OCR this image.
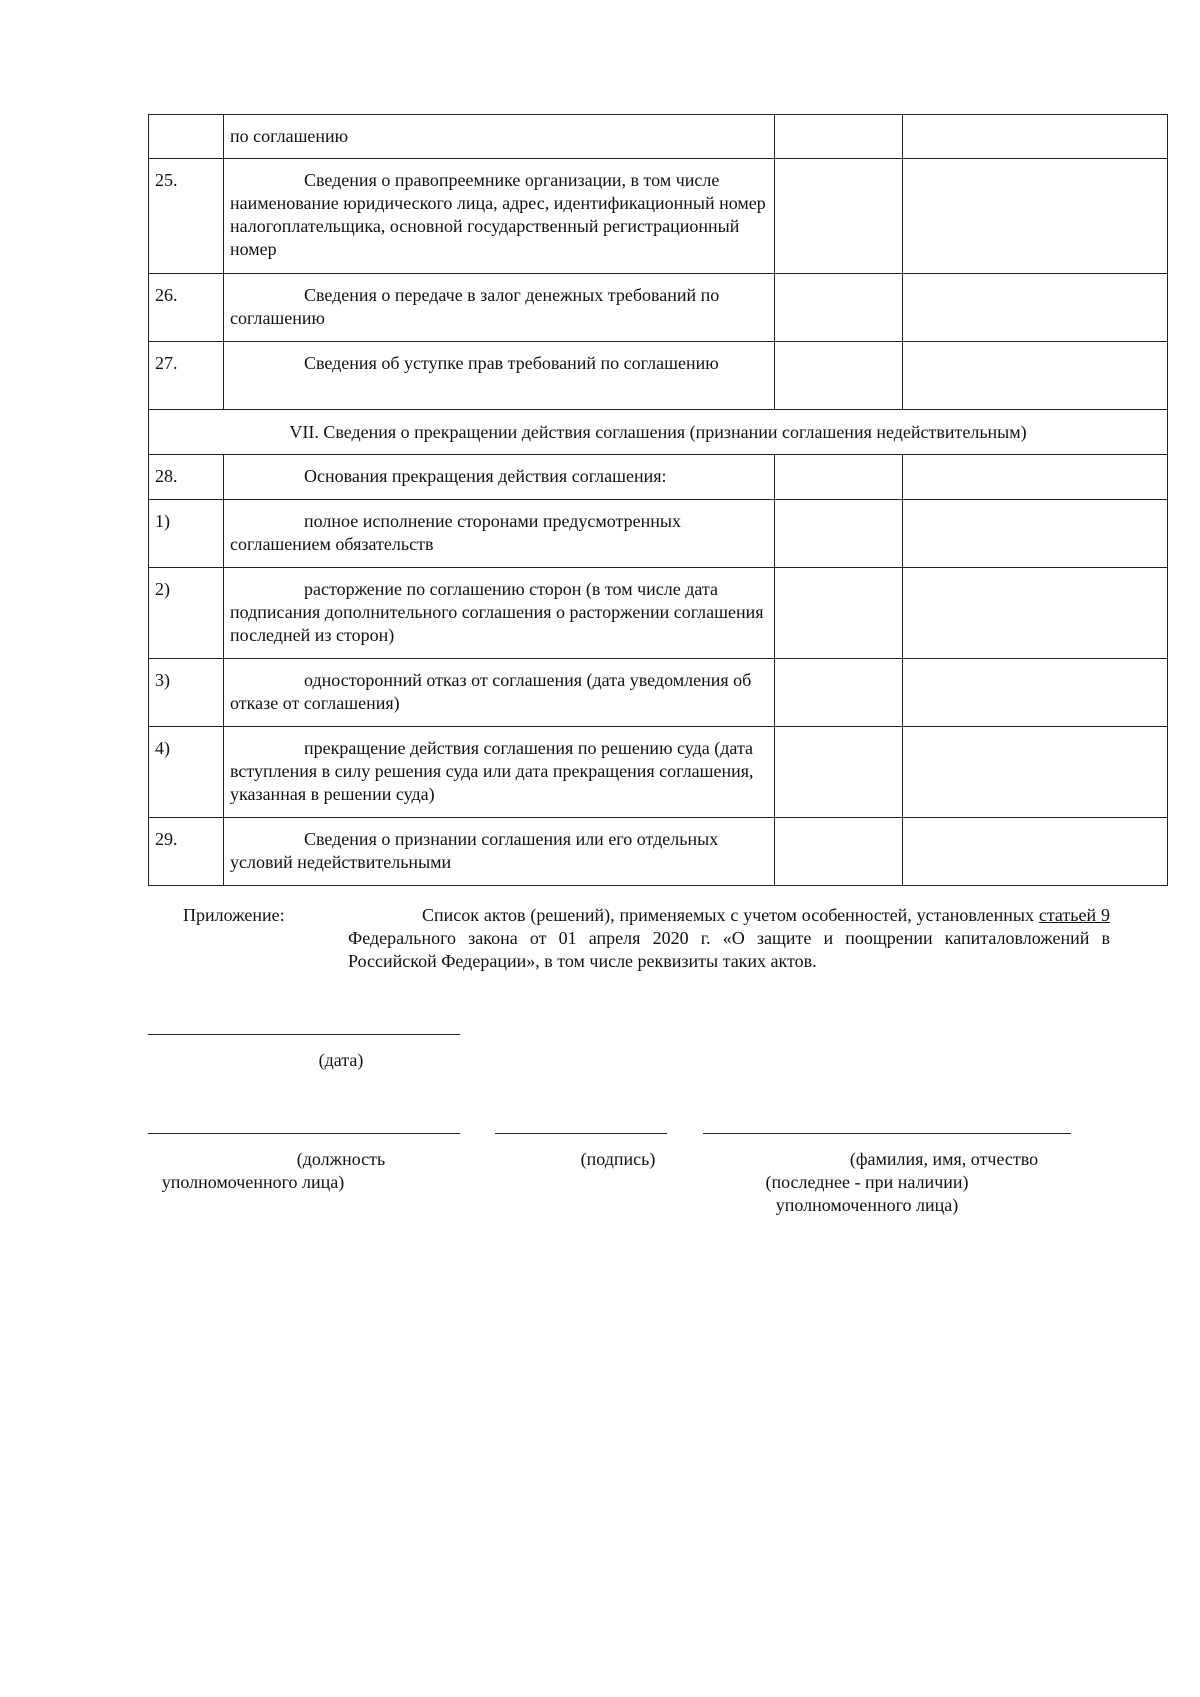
	по соглашению		

25.	Сведения о правопреемнике организации, в том числе наименование юридического лица, адрес, идентификационный номер налогоплательщика, основной государственный регистрационный номер		

26.	Сведения о передаче в залог денежных требований по соглашению		

27.	Сведения об уступке прав требований по соглашению		

VII. Сведения о прекращении действия соглашения (признании соглашения недействительным)			
28.	Основания прекращения действия соглашения:		

1)	полное исполнение сторонами предусмотренных соглашением обязательств		

2)	расторжение по соглашению сторон (в том числе дата подписания дополнительного соглашения о расторжении соглашения последней из сторон)		

3)	односторонний отказ от соглашения (дата уведомления об отказе от соглашения)		

4)	прекращение действия соглашения по решению суда (дата вступления в силу решения суда или дата прекращения соглашения, указанная в решении суда)		

29.	Сведения о признании соглашения или его отдельных условий недействительными		

Приложение:	Список актов (решений), применяемых с учетом особенностей, установленных статьей 9 Федерального закона от 01 апреля 2020 г. «О защите и поощрении капиталовложений в Российской Федерации», в том числе реквизиты таких актов.
(дата)
(должность
уполномоченного лица)
(подпись)	(фамилия, имя, отчество
(последнее - при наличии)
уполномоченного лица)
